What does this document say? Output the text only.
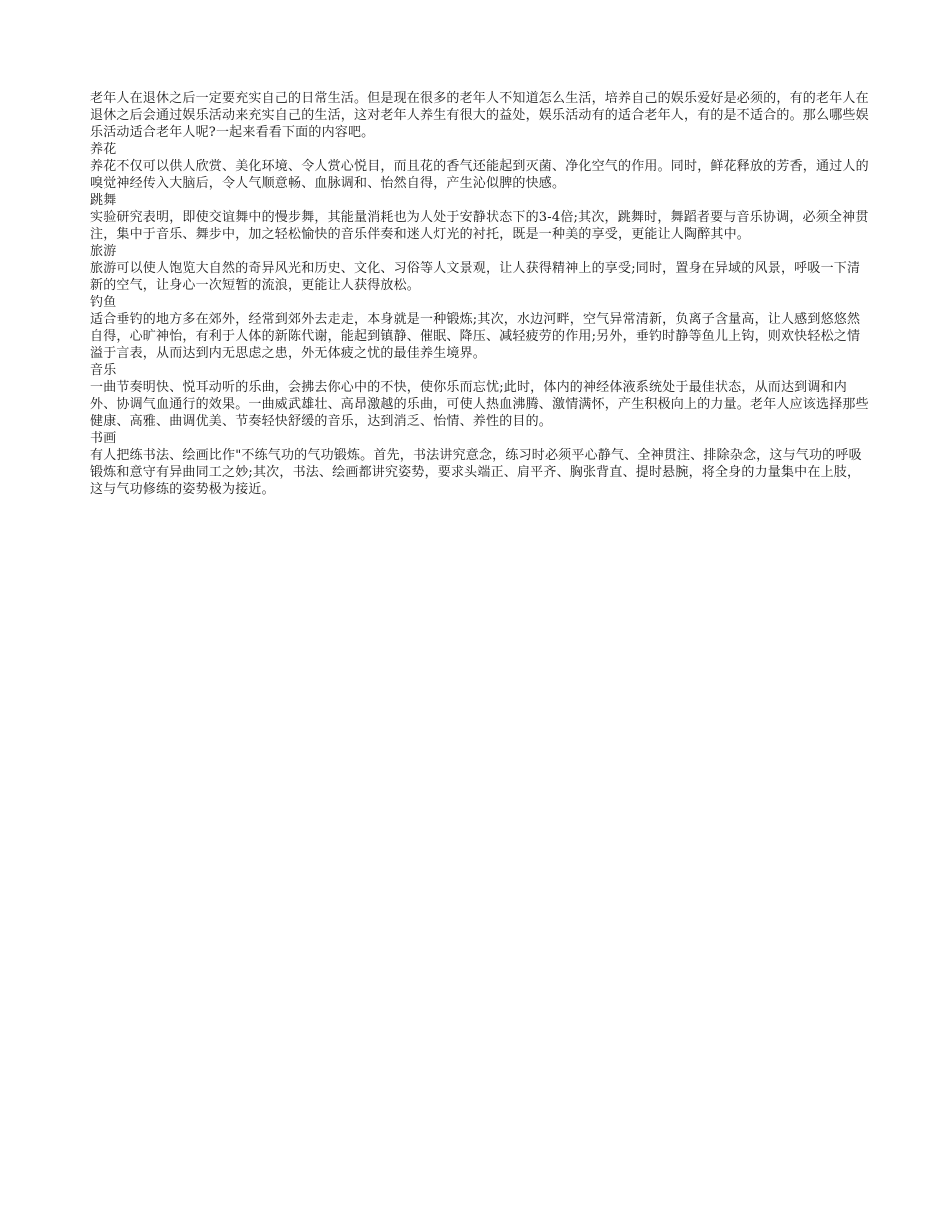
老年人在退休之后一定要充实自己的日常生活。但是现在很多的老年人不知道怎么生活，培养自己的娱乐爱好是必须的，有的老年人在退休之后会通过娱乐活动来充实自己的生活，这对老年人养生有很大的益处，娱乐活动有的适合老年人，有的是不适合的。那么哪些娱乐活动适合老年人呢?一起来看看下面的内容吧。

养花

养花不仅可以供人欣赏、美化环境、令人赏心悦目，而且花的香气还能起到灭菌、净化空气的作用。同时，鲜花释放的芳香，通过人的嗅觉神经传入大脑后，令人气顺意畅、血脉调和、怡然自得，产生沁似脾的快感。

跳舞

实验研究表明，即使交谊舞中的慢步舞，其能量消耗也为人处于安静状态下的3-4倍;其次，跳舞时，舞蹈者要与音乐协调，必须全神贯注，集中于音乐、舞步中，加之轻松愉快的音乐伴奏和迷人灯光的衬托，既是一种美的享受，更能让人陶醉其中。

旅游

旅游可以使人饱览大自然的奇异风光和历史、文化、习俗等人文景观，让人获得精神上的享受;同时，置身在异域的风景，呼吸一下清新的空气，让身心一次短暂的流浪，更能让人获得放松。

钓鱼

适合垂钓的地方多在郊外，经常到郊外去走走，本身就是一种锻炼;其次，水边河畔，空气异常清新，负离子含量高，让人感到悠悠然自得，心旷神怡，有利于人体的新陈代谢，能起到镇静、催眠、降压、减轻疲劳的作用;另外，垂钓时静等鱼儿上钩，则欢快轻松之情溢于言表，从而达到内无思虑之患，外无体疲之忧的最佳养生境界。

音乐

一曲节奏明快、悦耳动听的乐曲，会拂去你心中的不快，使你乐而忘忧;此时，体内的神经体液系统处于最佳状态，从而达到调和内外、协调气血通行的效果。一曲威武雄壮、高昂激越的乐曲，可使人热血沸腾、激情满怀，产生积极向上的力量。老年人应该选择那些健康、高雅、曲调优美、节奏轻快舒缓的音乐，达到消乏、怡情、养性的目的。

书画

有人把练书法、绘画比作"不练气功的气功锻炼。首先，书法讲究意念，练习时必须平心静气、全神贯注、排除杂念，这与气功的呼吸锻炼和意守有异曲同工之妙;其次，书法、绘画都讲究姿势，要求头端正、肩平齐、胸张背直、提时悬腕，将全身的力量集中在上肢，这与气功修练的姿势极为接近。
